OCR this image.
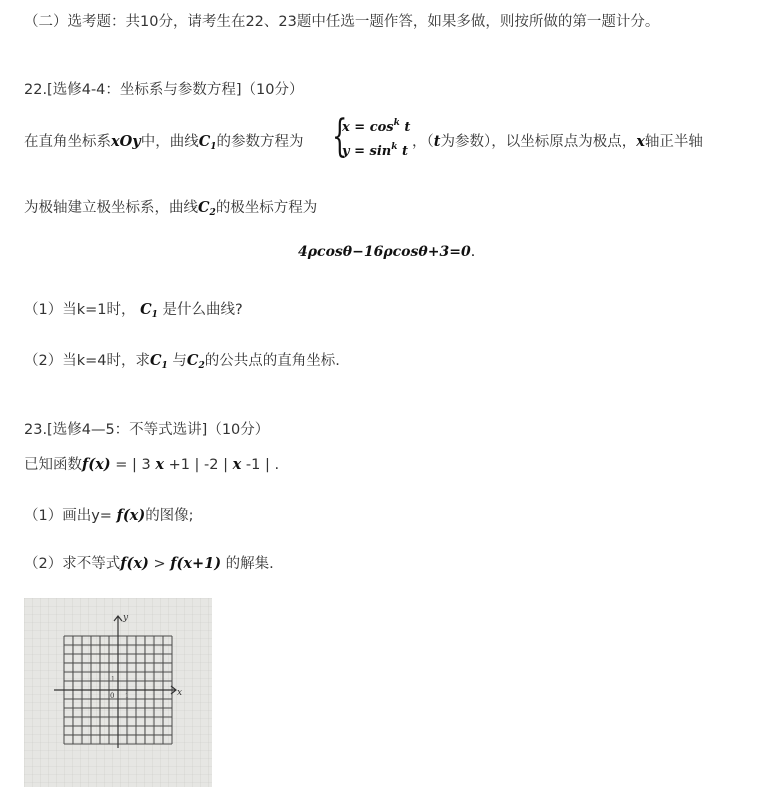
（二）选考题：共10分，请考生在22、23题中任选一题作答，如果多做，则按所做的第一题计分。
22.[选修4-4：坐标系与参数方程]（10分）
在直角坐标系xOy中，曲线$C_1$的参数方程为 {
$x = \cos^k t$
$y = \sin^k t$
，（t为参数），以坐标原点为极点，x轴正半轴
为极轴建立极坐标系，曲线$C_2$的极坐标方程为
4ρcosθ−16ρcosθ+3=0.
（1）当k=1时， $C_1$ 是什么曲线?
（2）当k=4时，求$C_1$ 与$C_2$的公共点的直角坐标.
23.[选修4—5：不等式选讲]（10分）
已知函数f(x) = | 3 x +1 | -2 | x -1 | .
（1）画出y= f(x)的图像;
（2）求不等式f(x) > f(x+1) 的解集.
y
x
0 1
1
